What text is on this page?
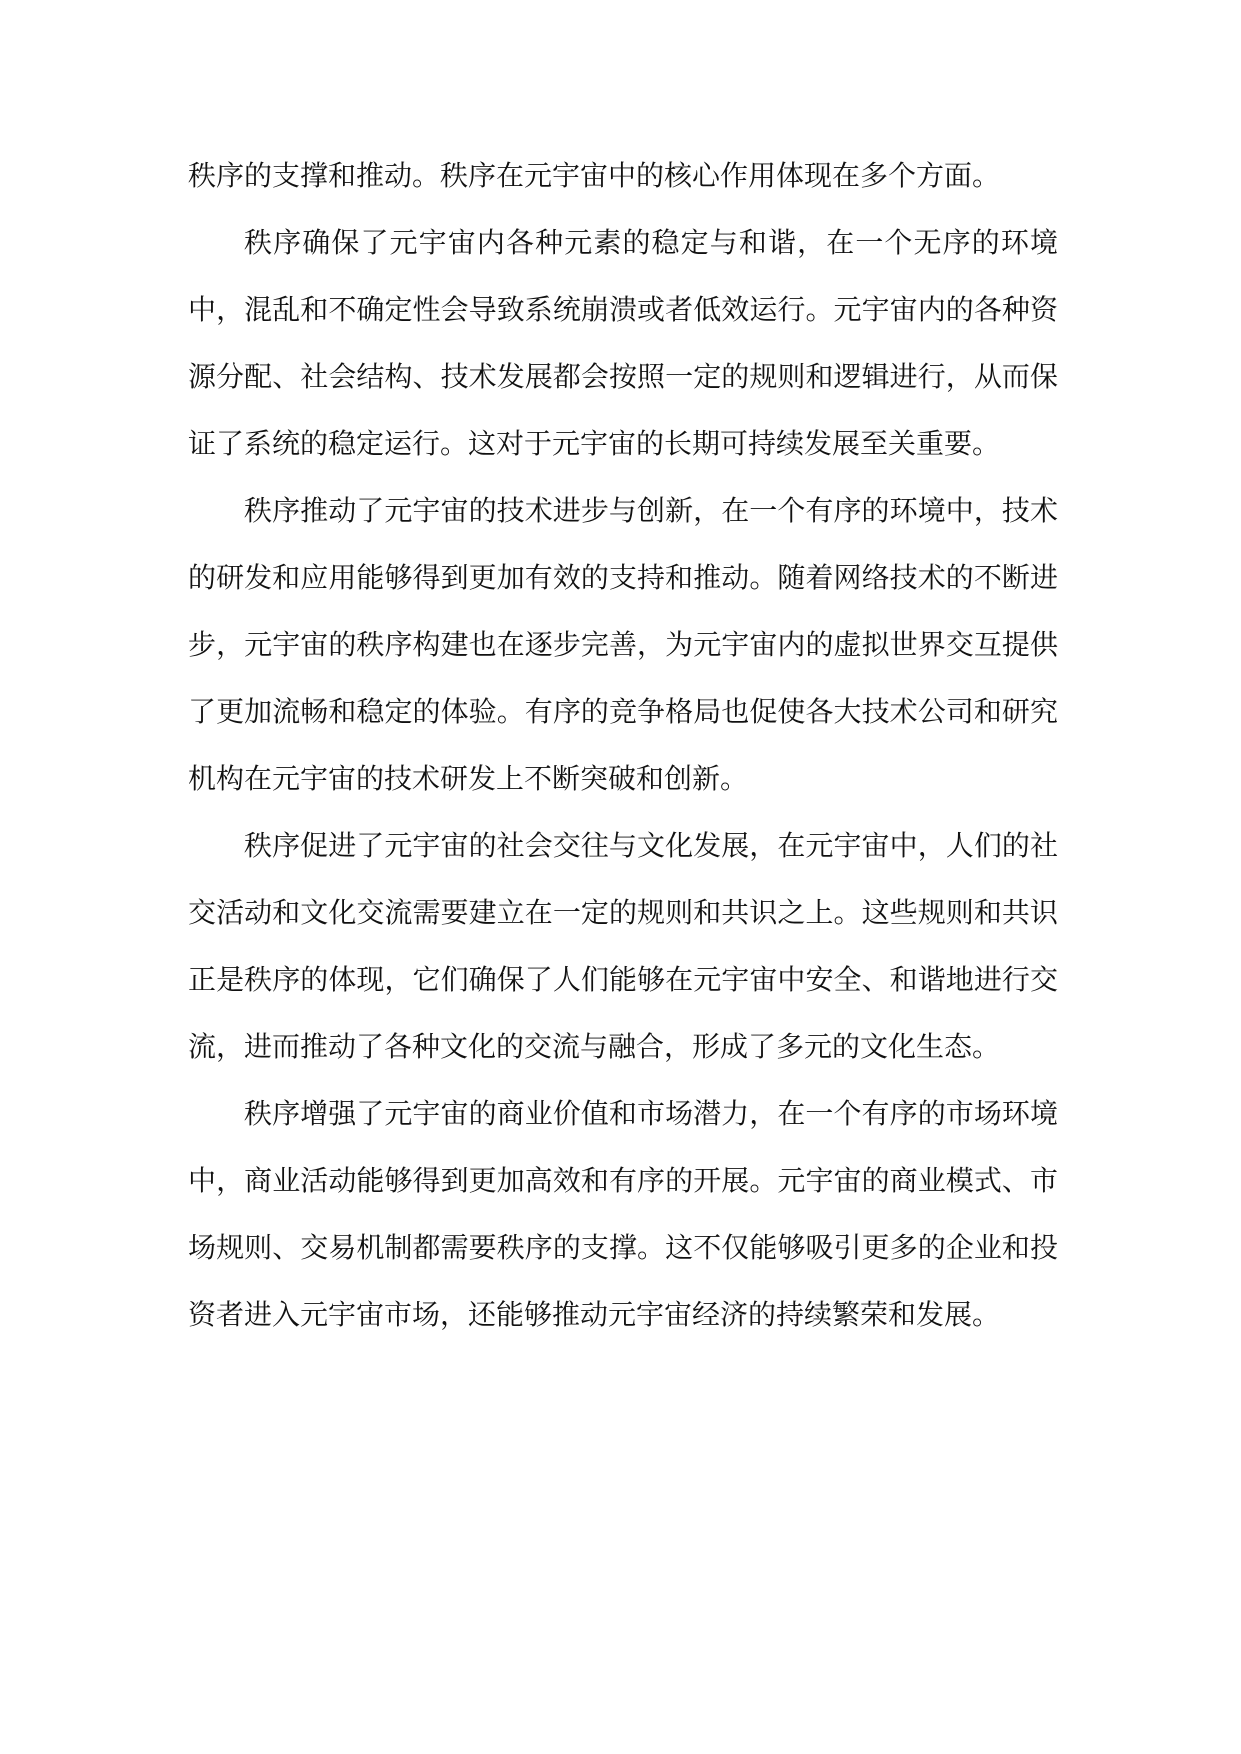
秩序的支撑和推动。秩序在元宇宙中的核心作用体现在多个方面。

秩序确保了元宇宙内各种元素的稳定与和谐，在一个无序的环境中，混乱和不确定性会导致系统崩溃或者低效运行。元宇宙内的各种资源分配、社会结构、技术发展都会按照一定的规则和逻辑进行，从而保证了系统的稳定运行。这对于元宇宙的长期可持续发展至关重要。

秩序推动了元宇宙的技术进步与创新，在一个有序的环境中，技术的研发和应用能够得到更加有效的支持和推动。随着网络技术的不断进步，元宇宙的秩序构建也在逐步完善，为元宇宙内的虚拟世界交互提供了更加流畅和稳定的体验。有序的竞争格局也促使各大技术公司和研究机构在元宇宙的技术研发上不断突破和创新。

秩序促进了元宇宙的社会交往与文化发展，在元宇宙中，人们的社交活动和文化交流需要建立在一定的规则和共识之上。这些规则和共识正是秩序的体现，它们确保了人们能够在元宇宙中安全、和谐地进行交流，进而推动了各种文化的交流与融合，形成了多元的文化生态。

秩序增强了元宇宙的商业价值和市场潜力，在一个有序的市场环境中，商业活动能够得到更加高效和有序的开展。元宇宙的商业模式、市场规则、交易机制都需要秩序的支撑。这不仅能够吸引更多的企业和投资者进入元宇宙市场，还能够推动元宇宙经济的持续繁荣和发展。
